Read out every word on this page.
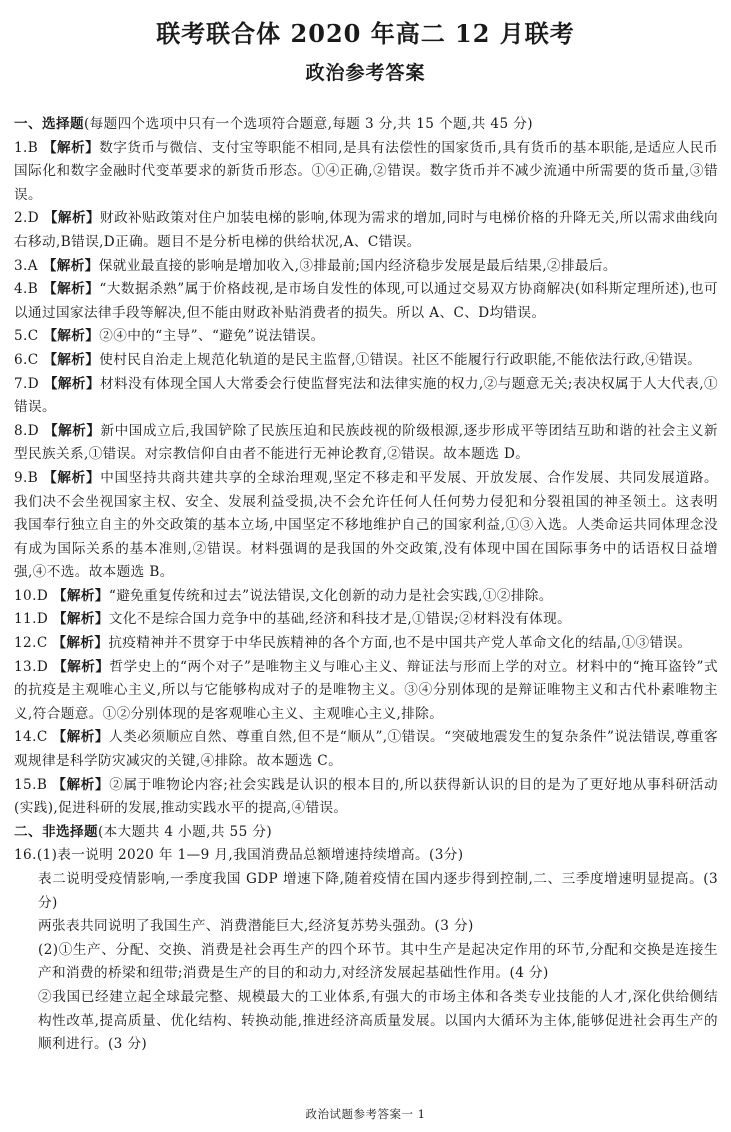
联考联合体 2020 年高二 12 月联考
政治参考答案

一、选择题(每题四个选项中只有一个选项符合题意,每题 3 分,共 15 个题,共 45 分)

1.B 【解析】数字货币与微信、支付宝等职能不相同,是具有法偿性的国家货币,具有货币的基本职能,是适应人民币国际化和数字金融时代变革要求的新货币形态。①④正确,②错误。数字货币并不减少流通中所需要的货币量,③错误。

2.D 【解析】财政补贴政策对住户加装电梯的影响,体现为需求的增加,同时与电梯价格的升降无关,所以需求曲线向右移动,B错误,D正确。题目不是分析电梯的供给状况,A、C错误。

3.A 【解析】保就业最直接的影响是增加收入,③排最前;国内经济稳步发展是最后结果,②排最后。

4.B 【解析】“大数据杀熟”属于价格歧视,是市场自发性的体现,可以通过交易双方协商解决(如科斯定理所述),也可以通过国家法律手段等解决,但不能由财政补贴消费者的损失。所以 A、C、D均错误。

5.C 【解析】②④中的“主导”、“避免”说法错误。

6.C 【解析】使村民自治走上规范化轨道的是民主监督,①错误。社区不能履行行政职能,不能依法行政,④错误。

7.D 【解析】材料没有体现全国人大常委会行使监督宪法和法律实施的权力,②与题意无关;表决权属于人大代表,①错误。

8.D 【解析】新中国成立后,我国铲除了民族压迫和民族歧视的阶级根源,逐步形成平等团结互助和谐的社会主义新型民族关系,①错误。对宗教信仰自由者不能进行无神论教育,②错误。故本题选 D。

9.B 【解析】中国坚持共商共建共享的全球治理观,坚定不移走和平发展、开放发展、合作发展、共同发展道路。我们决不会坐视国家主权、安全、发展利益受损,决不会允许任何人任何势力侵犯和分裂祖国的神圣领土。这表明我国奉行独立自主的外交政策的基本立场,中国坚定不移地维护自己的国家利益,①③入选。人类命运共同体理念没有成为国际关系的基本准则,②错误。材料强调的是我国的外交政策,没有体现中国在国际事务中的话语权日益增强,④不选。故本题选 B。

10.D 【解析】“避免重复传统和过去”说法错误,文化创新的动力是社会实践,①②排除。

11.D 【解析】文化不是综合国力竞争中的基础,经济和科技才是,①错误;②材料没有体现。

12.C 【解析】抗疫精神并不贯穿于中华民族精神的各个方面,也不是中国共产党人革命文化的结晶,①③错误。

13.D 【解析】哲学史上的“两个对子”是唯物主义与唯心主义、辩证法与形而上学的对立。材料中的“掩耳盗铃”式的抗疫是主观唯心主义,所以与它能够构成对子的是唯物主义。③④分别体现的是辩证唯物主义和古代朴素唯物主义,符合题意。①②分别体现的是客观唯心主义、主观唯心主义,排除。

14.C 【解析】人类必须顺应自然、尊重自然,但不是“顺从”,①错误。“突破地震发生的复杂条件”说法错误,尊重客观规律是科学防灾减灾的关键,④排除。故本题选 C。

15.B 【解析】②属于唯物论内容;社会实践是认识的根本目的,所以获得新认识的目的是为了更好地从事科研活动(实践),促进科研的发展,推动实践水平的提高,④错误。

二、非选择题(本大题共 4 小题,共 55 分)

16.(1)表一说明 2020 年 1—9 月,我国消费品总额增速持续增高。(3分)

表二说明受疫情影响,一季度我国 GDP 增速下降,随着疫情在国内逐步得到控制,二、三季度增速明显提高。(3 分)

两张表共同说明了我国生产、消费潜能巨大,经济复苏势头强劲。(3 分)

(2)①生产、分配、交换、消费是社会再生产的四个环节。其中生产是起决定作用的环节,分配和交换是连接生产和消费的桥梁和纽带;消费是生产的目的和动力,对经济发展起基础性作用。(4 分)

②我国已经建立起全球最完整、规模最大的工业体系,有强大的市场主体和各类专业技能的人才,深化供给侧结构性改革,提高质量、优化结构、转换动能,推进经济高质量发展。以国内大循环为主体,能够促进社会再生产的顺利进行。(3 分)

政治试题参考答案一 1
